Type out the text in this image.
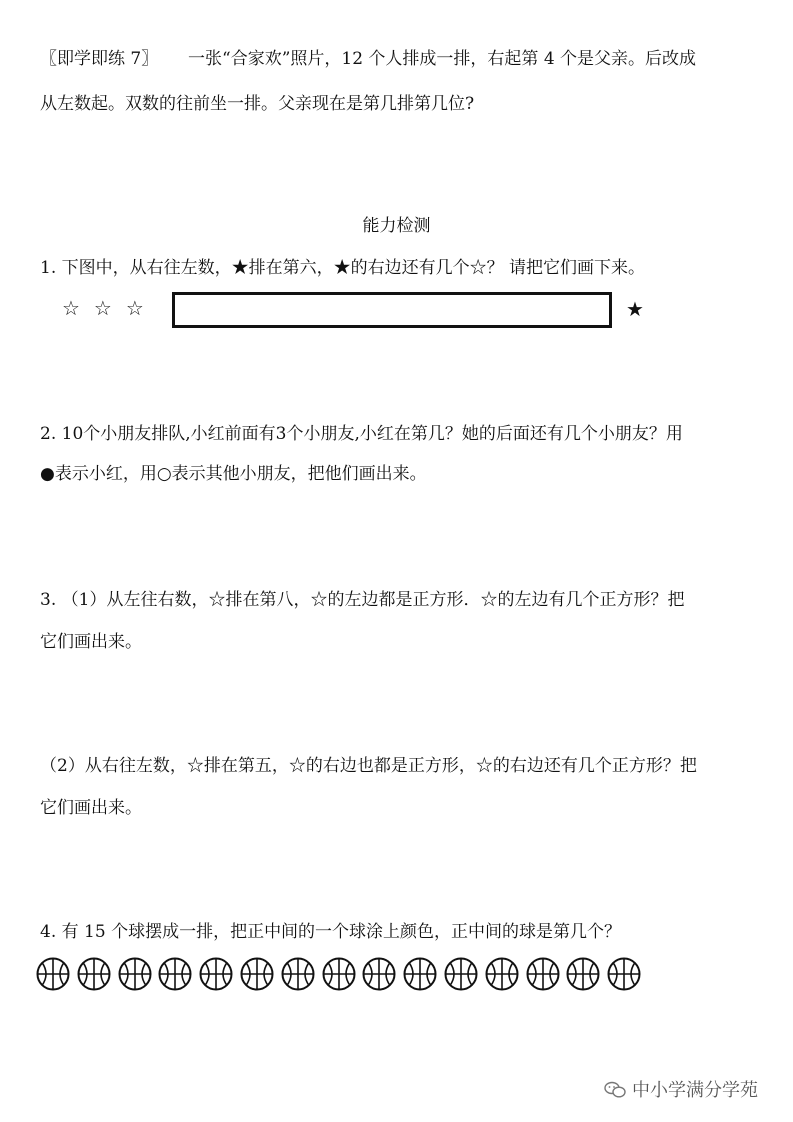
〖即学即练 7〗 一张“合家欢”照片，12 个人排成一排，右起第 4 个是父亲。后改成
从左数起。双数的往前坐一排。父亲现在是第几排第几位?
能力检测
1. 下图中，从右往左数，★排在第六，★的右边还有几个☆？ 请把它们画下来。
☆☆☆	★
2. 10个小朋友排队,小红前面有3个小朋友,小红在第几？她的后面还有几个小朋友？用
●表示小红，用○表示其他小朋友，把他们画出来。
3. （1）从左往右数，☆排在第八，☆的左边都是正方形．☆的左边有几个正方形？把
它们画出来。
（2）从右往左数，☆排在第五，☆的右边也都是正方形，☆的右边还有几个正方形？把
它们画出来。
4. 有 15 个球摆成一排，把正中间的一个球涂上颜色，正中间的球是第几个？
中小学满分学苑
